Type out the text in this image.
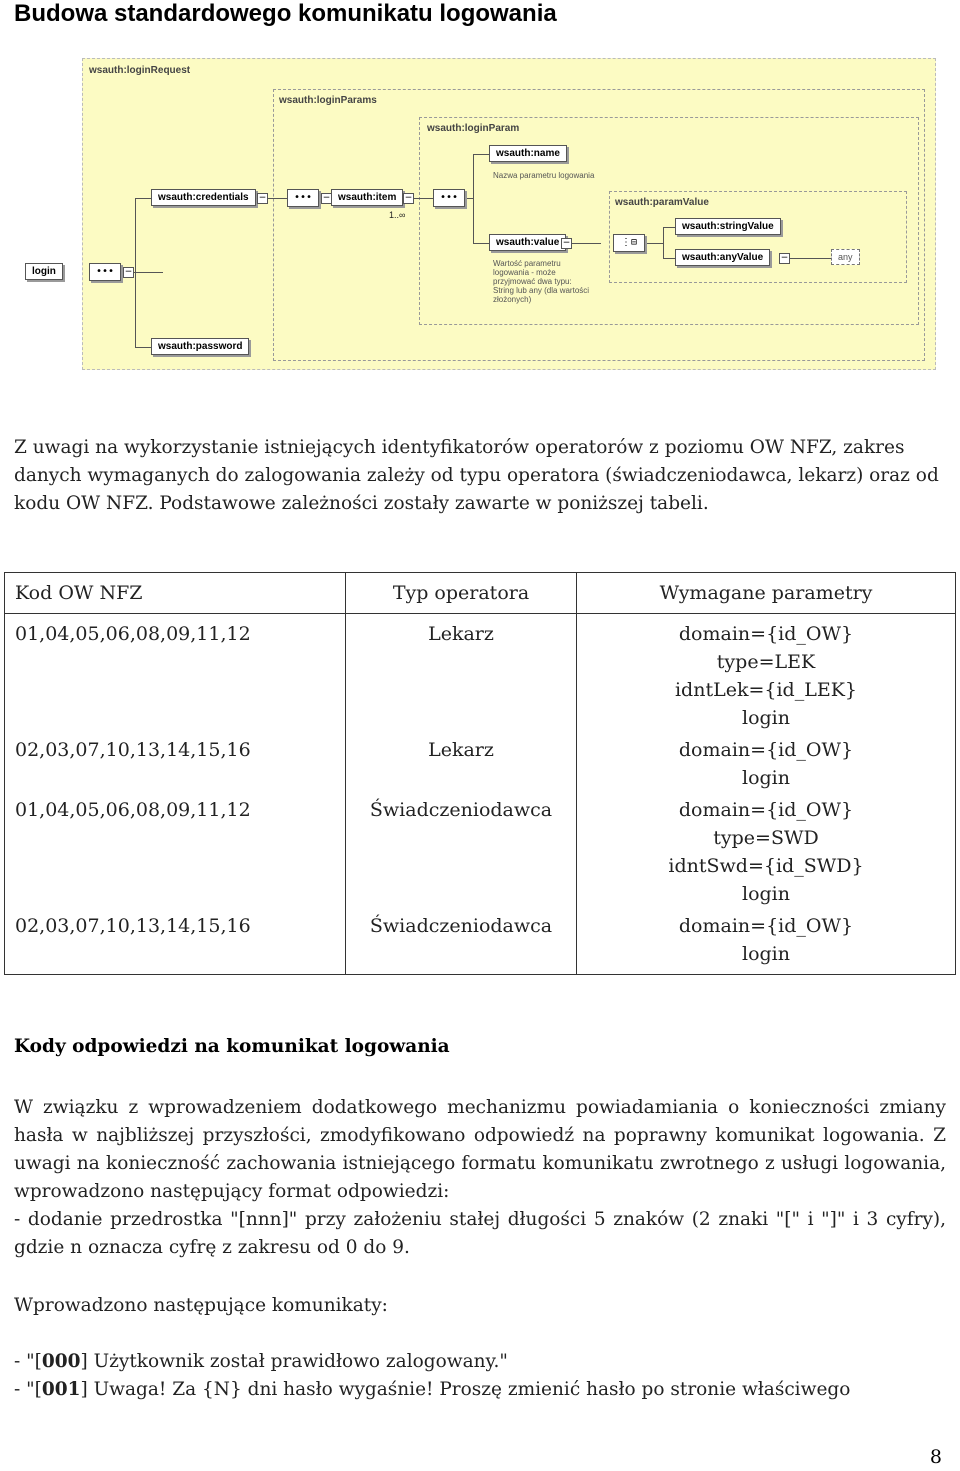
Budowa standardowego komunikatu logowania
wsauth:loginRequest
wsauth:loginParams
wsauth:loginParam
wsauth:paramValue
login	•••	−
wsauth:credentials	−	•••	− wsauth:item
1..∞
−	•••
wsauth:name
Nazwa parametru logowania
wsauth:value −
Wartość parametru
logowania - może
przyjmować dwa typu:
String lub any (dla wartości
złożonych)
⋮⊟
wsauth:stringValue
wsauth:anyValue	−	any
wsauth:password
Z uwagi na wykorzystanie istniejących identyfikatorów operatorów z poziomu OW NFZ, zakres danych wymaganych do zalogowania zależy od typu operatora (świadczeniodawca, lekarz) oraz od kodu OW NFZ. Podstawowe zależności zostały zawarte w poniższej tabeli.
Kod OW NFZ	Typ operatora	Wymagane parametry
01,04,05,06,08,09,11,12	Lekarz	domain={id_OW}
type=LEK
idntLek={id_LEK}
login

02,03,07,10,13,14,15,16	Lekarz	domain={id_OW}
login

01,04,05,06,08,09,11,12	Świadczeniodawca	domain={id_OW}
type=SWD
idntSwd={id_SWD}
login

02,03,07,10,13,14,15,16	Świadczeniodawca	domain={id_OW}
login
Kody odpowiedzi na komunikat logowania
W związku z wprowadzeniem dodatkowego mechanizmu powiadamiania o konieczności zmiany hasła w najbliższej przyszłości, zmodyfikowano odpowiedź na poprawny komunikat logowania. Z uwagi na konieczność zachowania istniejącego formatu komunikatu zwrotnego z usługi logowania, wprowadzono następujący format odpowiedzi:
- dodanie przedrostka "[nnn]" przy założeniu stałej długości 5 znaków (2 znaki "[" i "]" i 3 cyfry), gdzie n oznacza cyfrę z zakresu od 0 do 9.
Wprowadzono następujące komunikaty:
- "[000] Użytkownik został prawidłowo zalogowany."
- "[001] Uwaga! Za {N} dni hasło wygaśnie! Proszę zmienić hasło po stronie właściwego
8
